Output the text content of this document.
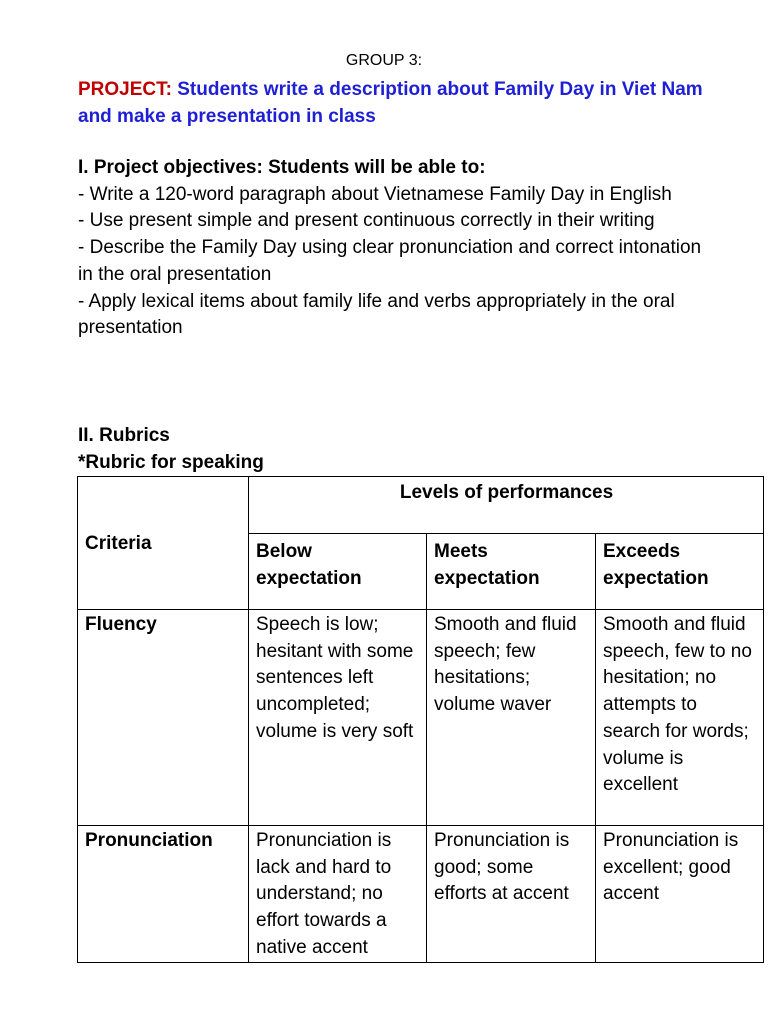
GROUP 3:
PROJECT: Students write a description about Family Day in Viet Nam and make a presentation in class
I. Project objectives: Students will be able to:
- Write a 120-word paragraph about Vietnamese Family Day in English
- Use present simple and present continuous correctly in their writing
- Describe the Family Day using clear pronunciation and correct intonation in the oral presentation
- Apply lexical items about family life and verbs appropriately in the oral presentation
II. Rubrics
*Rubric for speaking
Criteria	Levels of performances		
	Below expectation	Meets expectation	Exceeds expectation
Fluency	Speech is low; hesitant with some sentences left uncompleted; volume is very soft	Smooth and fluid speech; few hesitations; volume waver	Smooth and fluid speech, few to no hesitation; no attempts to search for words; volume is excellent
Pronunciation	Pronunciation is lack and hard to understand; no effort towards a native accent	Pronunciation is good; some efforts at accent	Pronunciation is excellent; good accent
